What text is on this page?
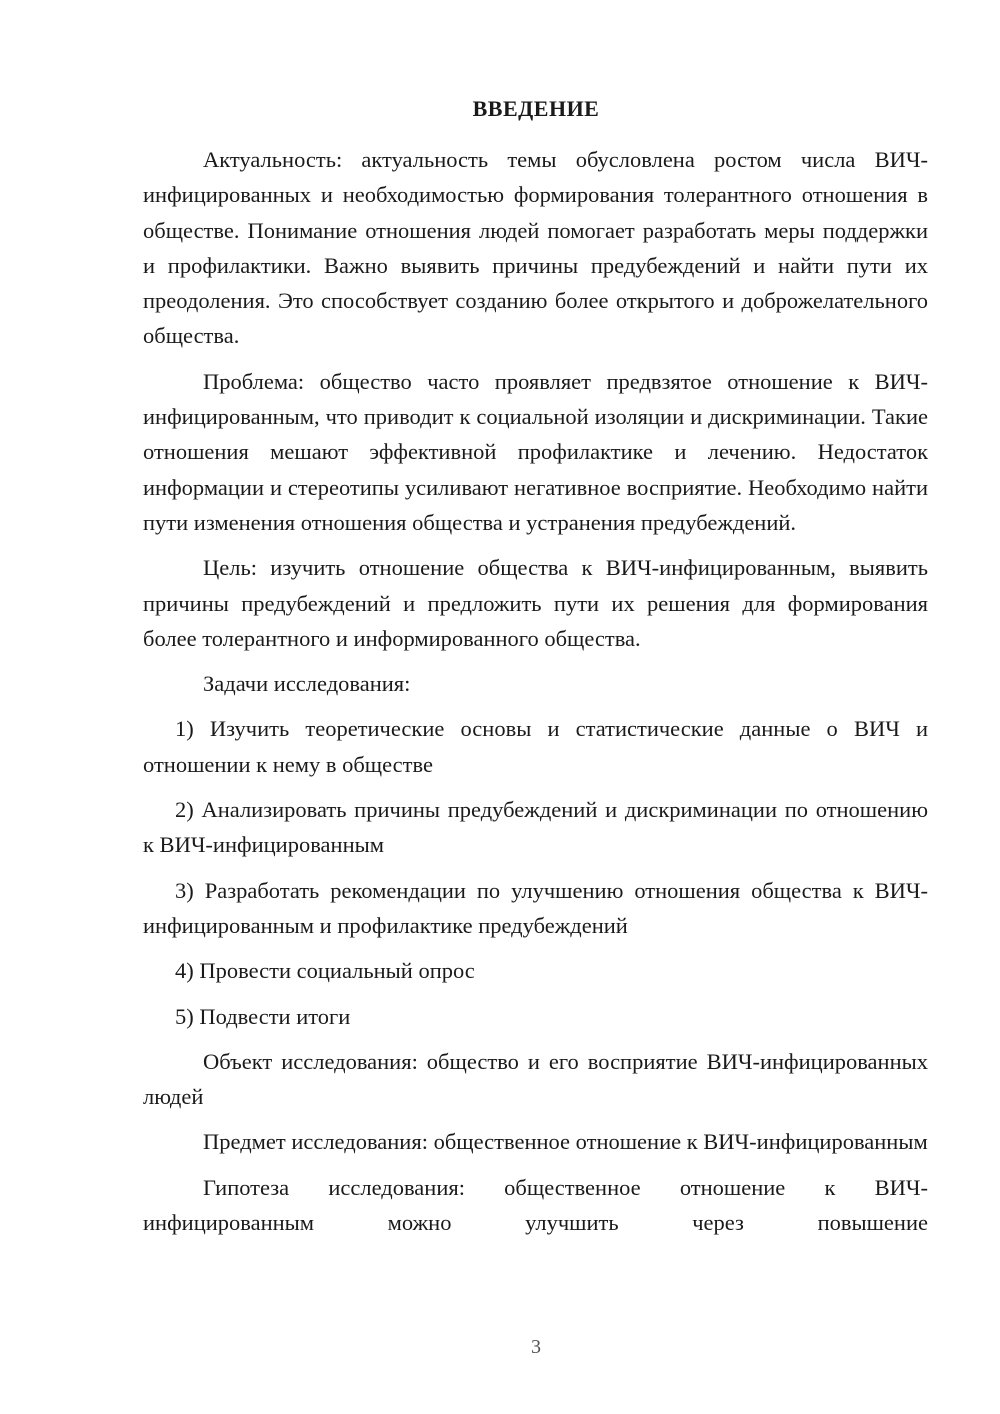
ВВЕДЕНИЕ

Актуальность: актуальность темы обусловлена ростом числа ВИЧ-инфицированных и необходимостью формирования толерантного отношения в обществе. Понимание отношения людей помогает разработать меры поддержки и профилактики. Важно выявить причины предубеждений и найти пути их преодоления. Это способствует созданию более открытого и доброжелательного общества.

Проблема: общество часто проявляет предвзятое отношение к ВИЧ-инфицированным, что приводит к социальной изоляции и дискриминации. Такие отношения мешают эффективной профилактике и лечению. Недостаток информации и стереотипы усиливают негативное восприятие. Необходимо найти пути изменения отношения общества и устранения предубеждений.

Цель: изучить отношение общества к ВИЧ-инфицированным, выявить причины предубеждений и предложить пути их решения для формирования более толерантного и информированного общества.

Задачи исследования:

1) Изучить теоретические основы и статистические данные о ВИЧ и отношении к нему в обществе

2) Анализировать причины предубеждений и дискриминации по отношению к ВИЧ-инфицированным

3) Разработать рекомендации по улучшению отношения общества к ВИЧ-инфицированным и профилактике предубеждений

4) Провести социальный опрос

5) Подвести итоги

Объект исследования: общество и его восприятие ВИЧ-инфицированных людей

Предмет исследования: общественное отношение к ВИЧ-инфицированным

Гипотеза исследования: общественное отношение к ВИЧ-инфицированным можно улучшить через повышение

3
